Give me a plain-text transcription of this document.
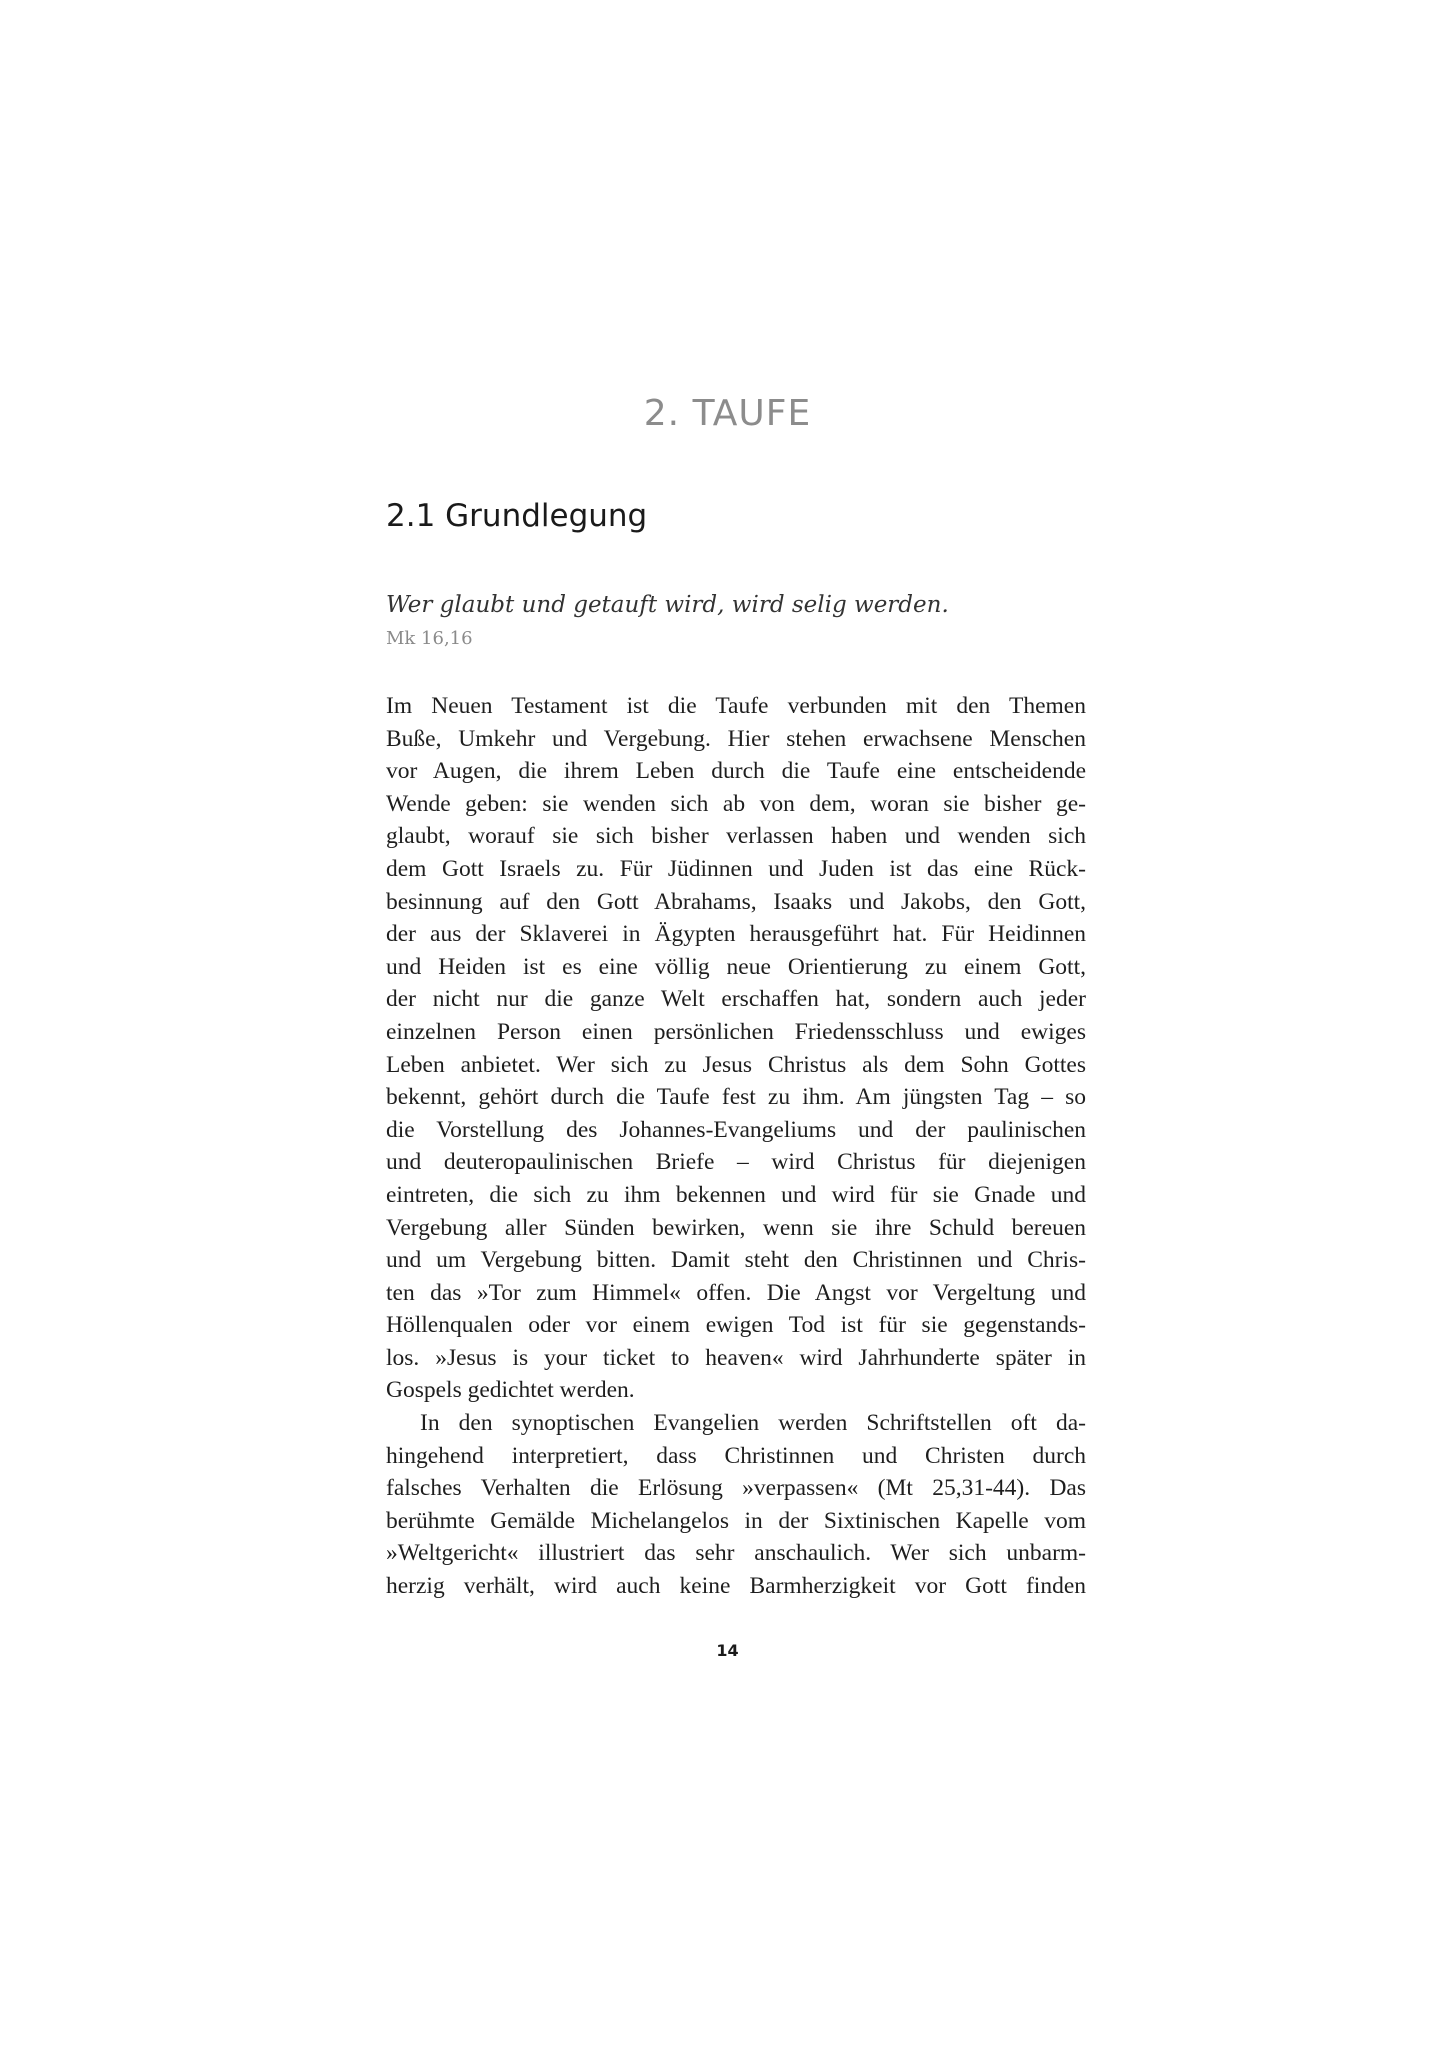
2. TAUFE
2.1 Grundlegung

Wer glaubt und getauft wird, wird selig werden.

Mk 16,16

Im Neuen Testament ist die Taufe verbunden mit den Themen
Buße, Umkehr und Vergebung. Hier stehen erwachsene Menschen
vor Augen, die ihrem Leben durch die Taufe eine entscheidende
Wende geben: sie wenden sich ab von dem, woran sie bisher ge-
glaubt, worauf sie sich bisher verlassen haben und wenden sich
dem Gott Israels zu. Für Jüdinnen und Juden ist das eine Rück-
besinnung auf den Gott Abrahams, Isaaks und Jakobs, den Gott,
der aus der Sklaverei in Ägypten herausgeführt hat. Für Heidinnen
und Heiden ist es eine völlig neue Orientierung zu einem Gott,
der nicht nur die ganze Welt erschaffen hat, sondern auch jeder
einzelnen Person einen persönlichen Friedensschluss und ewiges
Leben anbietet. Wer sich zu Jesus Christus als dem Sohn Gottes
bekennt, gehört durch die Taufe fest zu ihm. Am jüngsten Tag – so
die Vorstellung des Johannes-Evangeliums und der paulinischen
und deuteropaulinischen Briefe – wird Christus für diejenigen
eintreten, die sich zu ihm bekennen und wird für sie Gnade und
Vergebung aller Sünden bewirken, wenn sie ihre Schuld bereuen
und um Vergebung bitten. Damit steht den Christinnen und Chris-
ten das »Tor zum Himmel« offen. Die Angst vor Vergeltung und
Höllenqualen oder vor einem ewigen Tod ist für sie gegenstands-
los. »Jesus is your ticket to heaven« wird Jahrhunderte später in
Gospels gedichtet werden.
In den synoptischen Evangelien werden Schriftstellen oft da-
hingehend interpretiert, dass Christinnen und Christen durch
falsches Verhalten die Erlösung »verpassen« (Mt 25,31-44). Das
berühmte Gemälde Michelangelos in der Sixtinischen Kapelle vom
»Weltgericht« illustriert das sehr anschaulich. Wer sich unbarm-
herzig verhält, wird auch keine Barmherzigkeit vor Gott finden
14
